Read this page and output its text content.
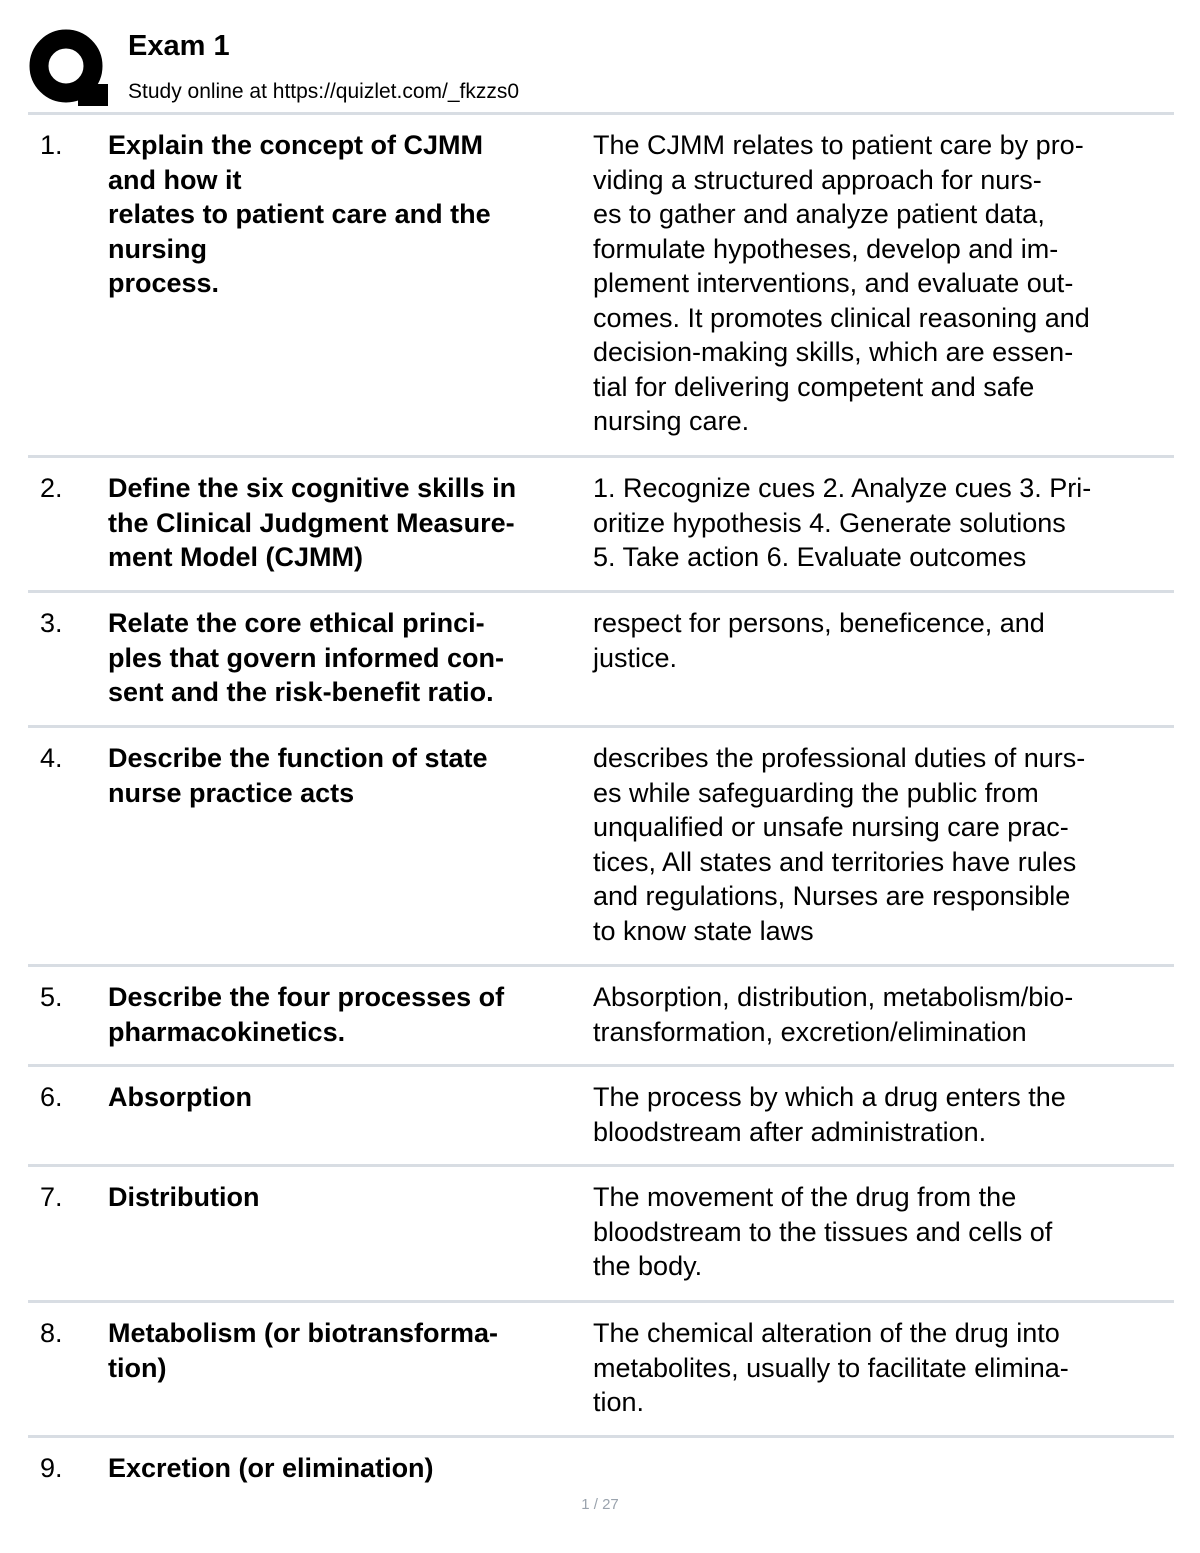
Exam 1
Study online at https://quizlet.com/_fkzzs0
1. Explain the concept of CJMM
and how it
relates to patient care and the
nursing
process.
The CJMM relates to patient care by pro-
viding a structured approach for nurs-
es to gather and analyze patient data,
formulate hypotheses, develop and im-
plement interventions, and evaluate out-
comes. It promotes clinical reasoning and
decision-making skills, which are essen-
tial for delivering competent and safe
nursing care.
2. Define the six cognitive skills in
the Clinical Judgment Measure-
ment Model (CJMM)
1. Recognize cues 2. Analyze cues 3. Pri-
oritize hypothesis 4. Generate solutions
5. Take action 6. Evaluate outcomes
3. Relate the core ethical princi-
ples that govern informed con-
sent and the risk-benefit ratio.
respect for persons, beneficence, and
justice.
4. Describe the function of state
nurse practice acts
describes the professional duties of nurs-
es while safeguarding the public from
unqualified or unsafe nursing care prac-
tices, All states and territories have rules
and regulations, Nurses are responsible
to know state laws
5. Describe the four processes of
pharmacokinetics.
Absorption, distribution, metabolism/bio-
transformation, excretion/elimination
6. Absorption	The process by which a drug enters the
bloodstream after administration.
7. Distribution	The movement of the drug from the
bloodstream to the tissues and cells of
the body.
8. Metabolism (or biotransforma-
tion)
The chemical alteration of the drug into
metabolites, usually to facilitate elimina-
tion.
9. Excretion (or elimination)
1 / 27
